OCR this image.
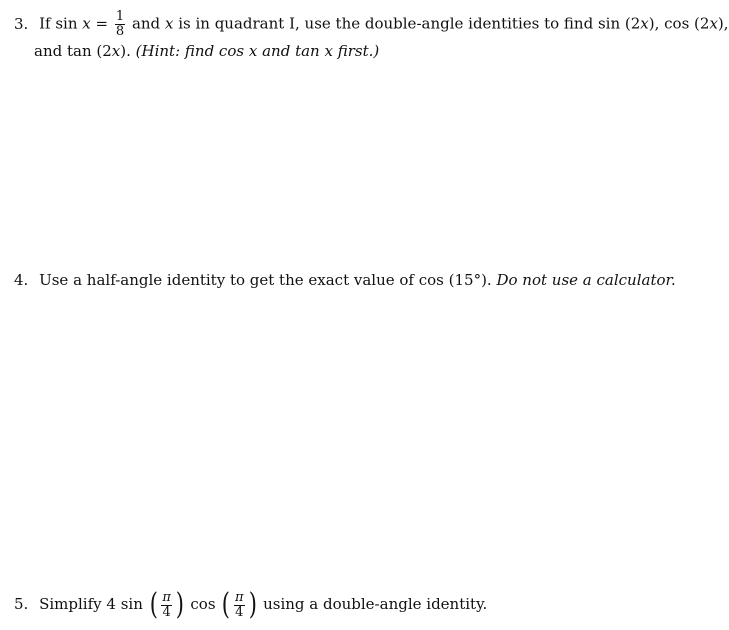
3. If $\sin x = \frac{1}{8}$ and x is in quadrant I, use the double-angle identities to find sin (2x), cos (2x),
and tan (2x). (Hint: find cos x and tan x first.)
4. Use a half-angle identity to get the exact value of cos (15°). Do not use a calculator.
5. Simplify 4 sin ( $\frac{\pi}{4}$ ) cos ( $\frac{\pi}{4}$ ) using a double-angle identity.
